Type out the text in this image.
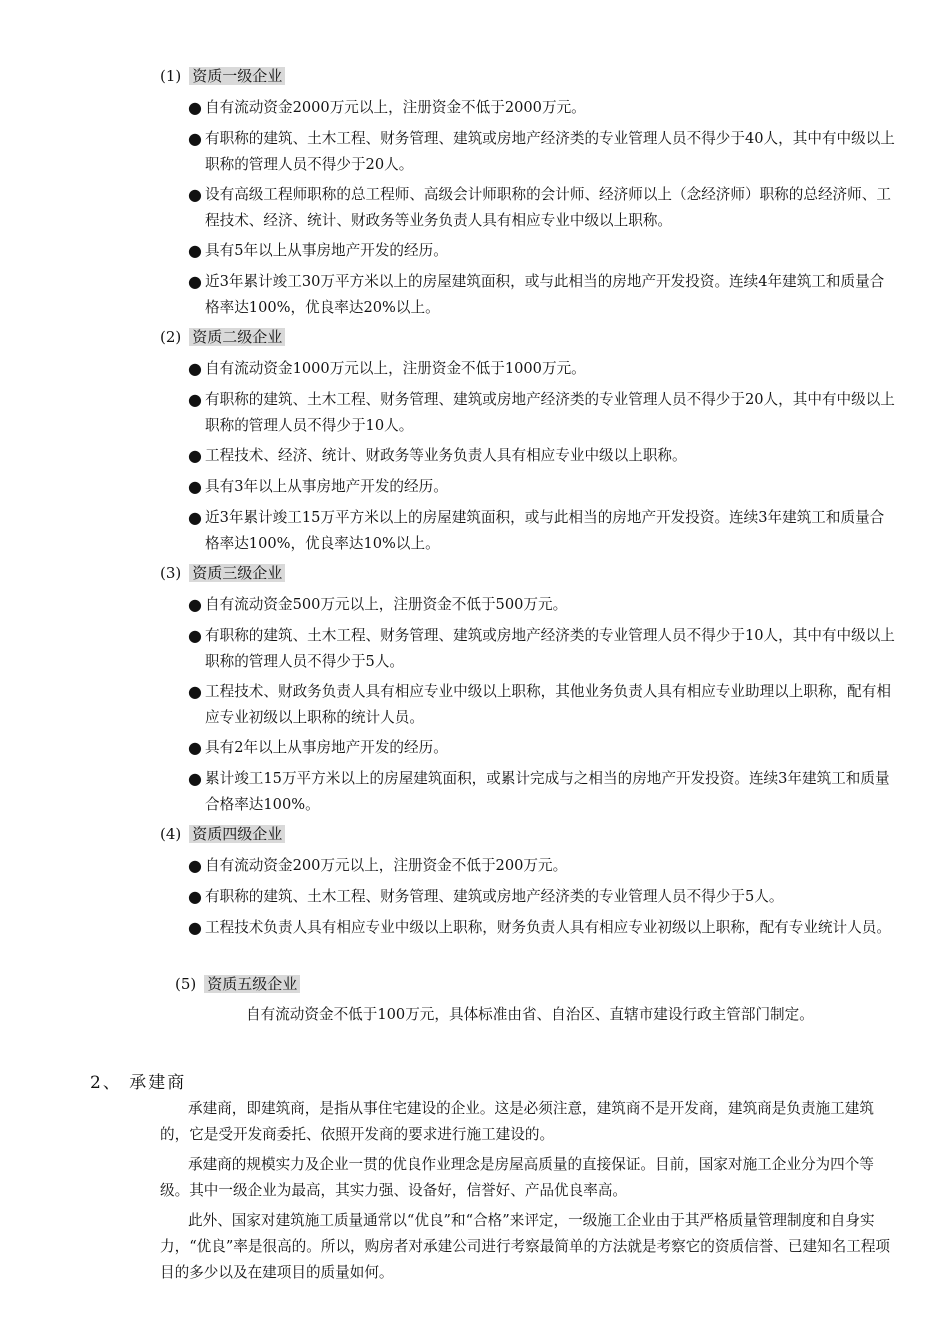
(1) 资质一级企业
● 自有流动资金2000万元以上，注册资金不低于2000万元。
● 有职称的建筑、土木工程、财务管理、建筑或房地产经济类的专业管理人员不得少于40人，其中有中级以上职称的管理人员不得少于20人。
● 设有高级工程师职称的总工程师、高级会计师职称的会计师、经济师以上（念经济师）职称的总经济师、工程技术、经济、统计、财政务等业务负责人具有相应专业中级以上职称。
● 具有5年以上从事房地产开发的经历。
● 近3年累计竣工30万平方米以上的房屋建筑面积，或与此相当的房地产开发投资。连续4年建筑工和质量合格率达100%，优良率达20%以上。
(2) 资质二级企业
● 自有流动资金1000万元以上，注册资金不低于1000万元。
● 有职称的建筑、土木工程、财务管理、建筑或房地产经济类的专业管理人员不得少于20人，其中有中级以上职称的管理人员不得少于10人。
● 工程技术、经济、统计、财政务等业务负责人具有相应专业中级以上职称。
● 具有3年以上从事房地产开发的经历。
● 近3年累计竣工15万平方米以上的房屋建筑面积，或与此相当的房地产开发投资。连续3年建筑工和质量合格率达100%，优良率达10%以上。
(3) 资质三级企业
● 自有流动资金500万元以上，注册资金不低于500万元。
● 有职称的建筑、土木工程、财务管理、建筑或房地产经济类的专业管理人员不得少于10人，其中有中级以上职称的管理人员不得少于5人。
● 工程技术、财政务负责人具有相应专业中级以上职称，其他业务负责人具有相应专业助理以上职称，配有相应专业初级以上职称的统计人员。
● 具有2年以上从事房地产开发的经历。
● 累计竣工15万平方米以上的房屋建筑面积，或累计完成与之相当的房地产开发投资。连续3年建筑工和质量合格率达100%。
(4) 资质四级企业
● 自有流动资金200万元以上，注册资金不低于200万元。
● 有职称的建筑、土木工程、财务管理、建筑或房地产经济类的专业管理人员不得少于5人。
● 工程技术负责人具有相应专业中级以上职称，财务负责人具有相应专业初级以上职称，配有专业统计人员。
(5) 资质五级企业
自有流动资金不低于100万元，具体标准由省、自治区、直辖市建设行政主管部门制定。
2、 承建商
承建商，即建筑商，是指从事住宅建设的企业。这是必须注意，建筑商不是开发商，建筑商是负责施工建筑的，它是受开发商委托、依照开发商的要求进行施工建设的。
承建商的规模实力及企业一贯的优良作业理念是房屋高质量的直接保证。目前，国家对施工企业分为四个等级。其中一级企业为最高，其实力强、设备好，信誉好、产品优良率高。
此外、国家对建筑施工质量通常以“优良”和“合格”来评定，一级施工企业由于其严格质量管理制度和自身实力，“优良”率是很高的。所以，购房者对承建公司进行考察最简单的方法就是考察它的资质信誉、已建知名工程项目的多少以及在建项目的质量如何。
